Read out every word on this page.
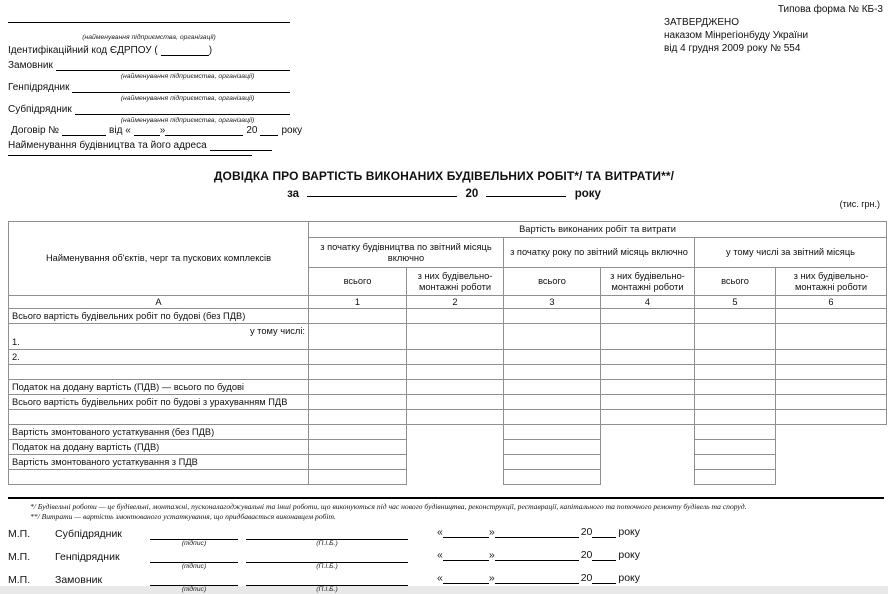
Типова форма № КБ-3
ЗАТВЕРДЖЕНО
наказом Мінрегіонбуду України
від 4 грудня 2009 року № 554
(найменування підприємства, організації)
Ідентифікаційний код ЄДРПОУ (	)
Замовник
(найменування підприємства, організації)
Генпідрядник
(найменування підприємства, організації)
Субпідрядник
(найменування підприємства, організації)
Договір №	від «	»	20 року
Найменування будівництва та його адреса
ДОВІДКА ПРО ВАРТІСТЬ ВИКОНАНИХ БУДІВЕЛЬНИХ РОБІТ*/ ТА ВИТРАТИ**/
за	20	року
(тис. грн.)
Найменування об'єктів, черг та пускових комплексів	Вартість виконаних робіт та витрати					
	з початку будівництва по звітний місяць включно		з початку року по звітний місяць включно		у тому числі за звітний місяць	
	всього	з них будівельно-монтажні роботи	всього	з них будівельно-монтажні роботи	всього	з них будівельно-монтажні роботи
А	1	2	3	4	5	6
Всього вартість будівельних робіт по будові (без ПДВ)						

у тому числі:
1.						

2.						

Податок на додану вартість (ПДВ) — всього по будові						
Всього вартість будівельних робіт по будові з урахуванням ПДВ						

Вартість змонтованого устаткування (без ПДВ)						
Податок на додану вартість (ПДВ)						
Вартість змонтованого устаткування з ПДВ						

*/ Будівельні роботи — це будівельні, монтажні, пусконалагоджувальні та інші роботи, що виконуються під час нового будівництва, реконструкції, реставрації, капітального та поточного ремонту будівель та споруд.
**/ Витрати — вартість змонтованого устаткування, що придбавається виконавцем робіт.
М.П. Субпідрядник
(підпис)	(П.І.Б.)
«	»	20 року
М.П. Генпідрядник
(підпис)	(П.І.Б.)
«	»	20 року
М.П. Замовник
(підпис)	(П.І.Б.)
«	»	20 року
